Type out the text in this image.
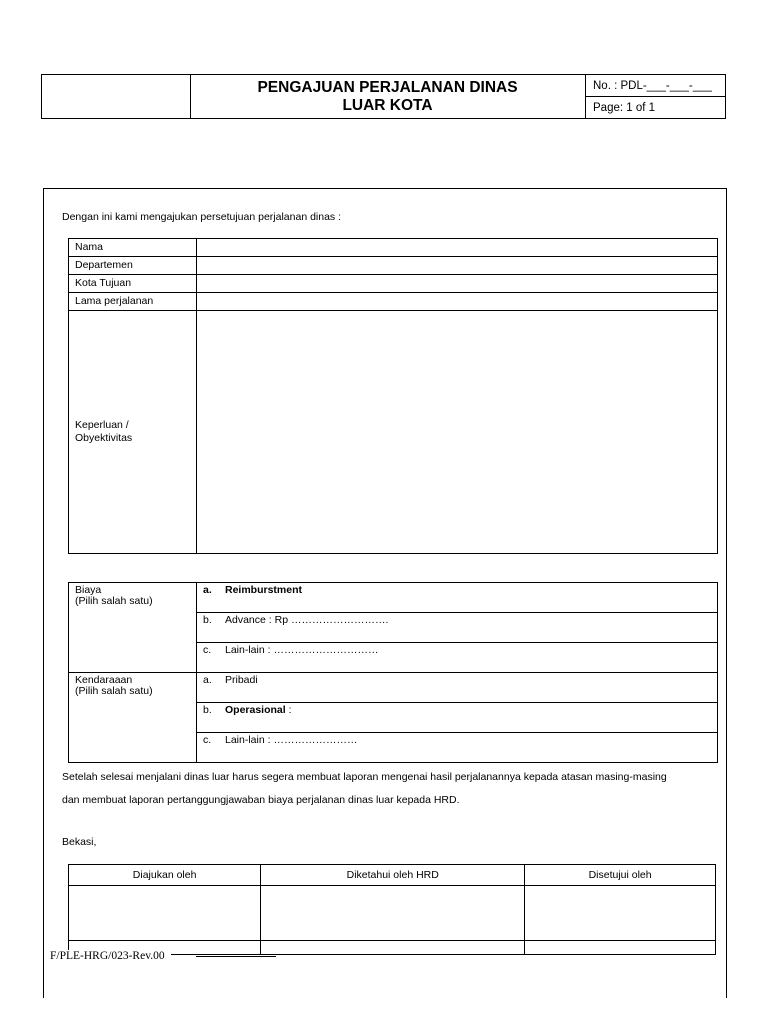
PENGAJUAN PERJALANAN DINAS
LUAR KOTA
No. : PDL-___-___-___
Page: 1 of 1
Dengan ini kami mengajukan persetujuan perjalanan dinas :
Nama	
Departemen	
Kota Tujuan	
Lama perjalanan	

Keperluan /
Obyektivitas	

Biaya
(Pilih salah satu)	a. Reimburstment
	b. Advance : Rp ……………………….
	c. Lain-lain : …………………………

Kendaraaan
(Pilih salah satu)	a. Pribadi
	b. Operasional :
	c. Lain-lain : ……………………
Setelah selesai menjalani dinas luar harus segera membuat laporan mengenai hasil perjalanannya kepada atasan masing-masing
dan membuat laporan pertanggungjawaban biaya perjalanan dinas luar kepada HRD.
Bekasi,
Diajukan oleh	Diketahui oleh HRD	Disetujui oleh

F/PLE-HRG/023-Rev.00
